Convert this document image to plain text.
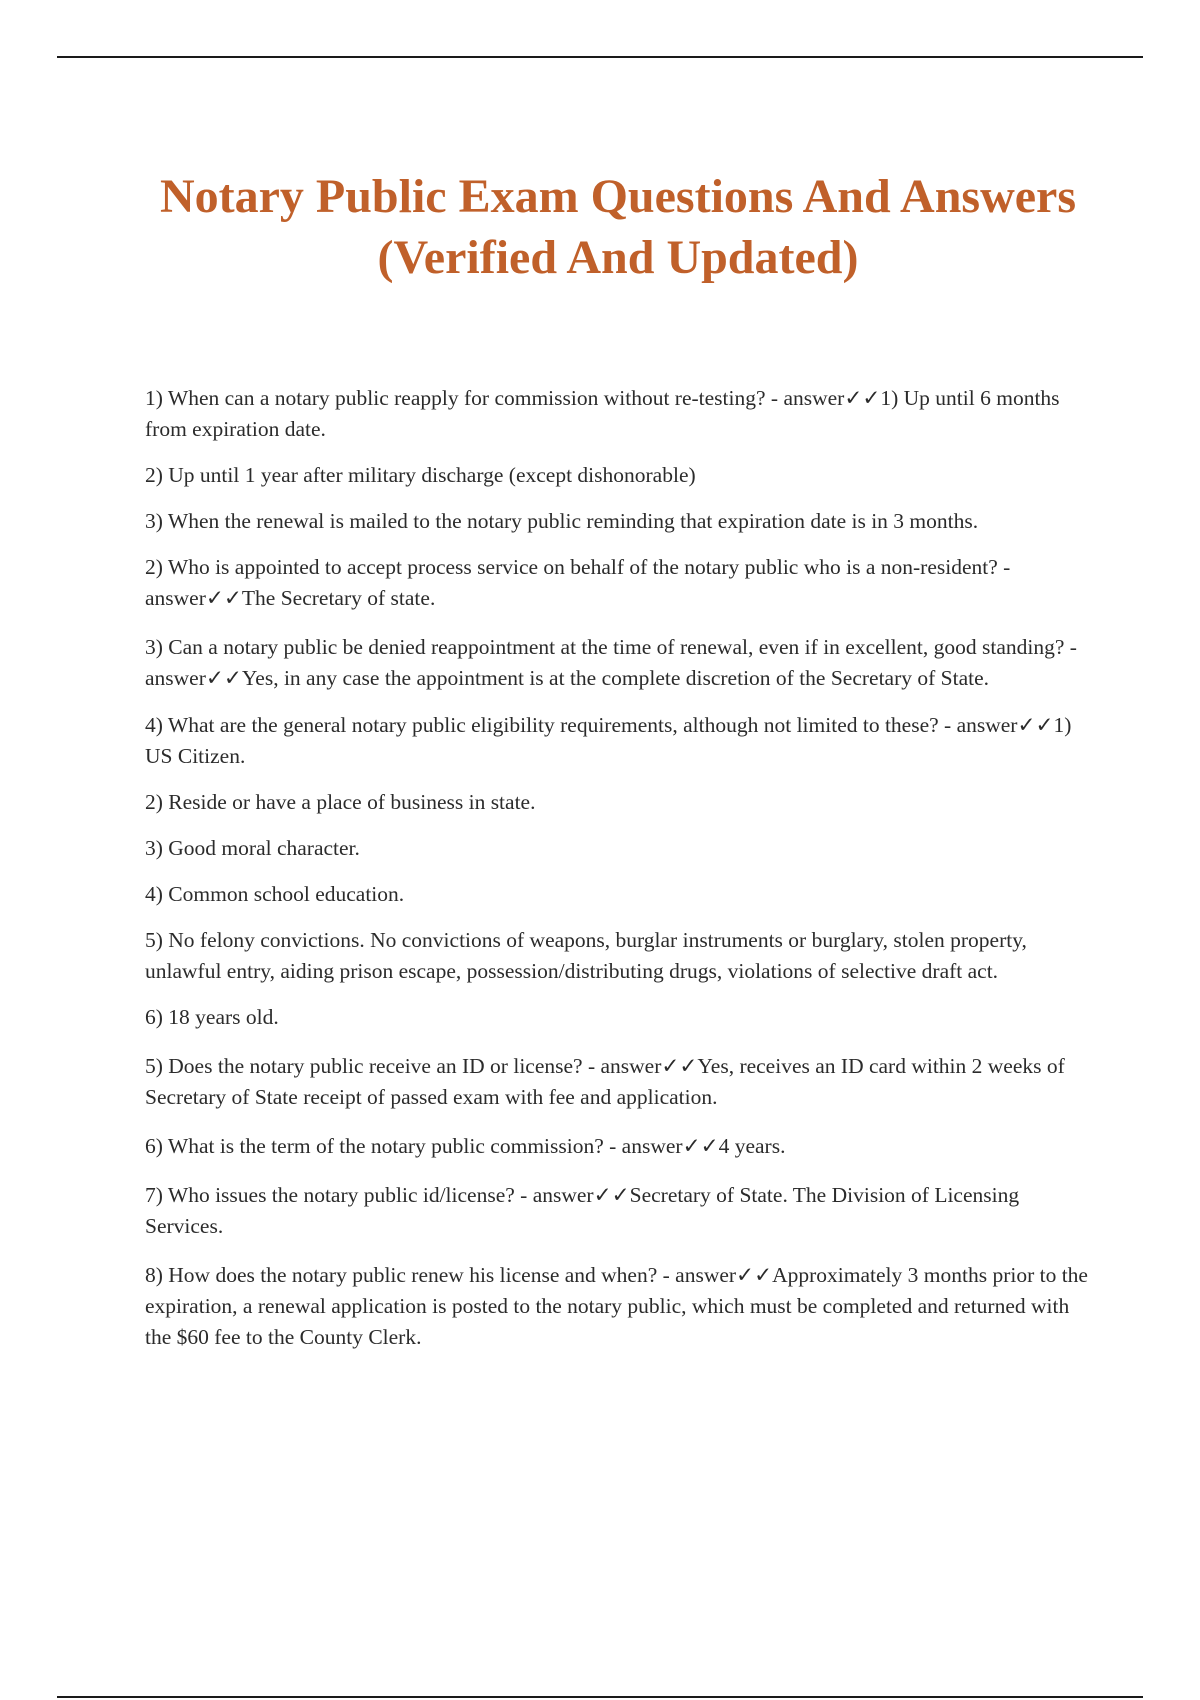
Notary Public Exam Questions And Answers (Verified And Updated)

1) When can a notary public reapply for commission without re-testing? - answer✓✓1) Up until 6 months from expiration date.

2) Up until 1 year after military discharge (except dishonorable)

3) When the renewal is mailed to the notary public reminding that expiration date is in 3 months.

2) Who is appointed to accept process service on behalf of the notary public who is a non-resident? - answer✓✓The Secretary of state.

3) Can a notary public be denied reappointment at the time of renewal, even if in excellent, good standing? - answer✓✓Yes, in any case the appointment is at the complete discretion of the Secretary of State.

4) What are the general notary public eligibility requirements, although not limited to these? - answer✓✓1) US Citizen.

2) Reside or have a place of business in state.

3) Good moral character.

4) Common school education.

5) No felony convictions. No convictions of weapons, burglar instruments or burglary, stolen property, unlawful entry, aiding prison escape, possession/distributing drugs, violations of selective draft act.

6) 18 years old.

5) Does the notary public receive an ID or license? - answer✓✓Yes, receives an ID card within 2 weeks of Secretary of State receipt of passed exam with fee and application.

6) What is the term of the notary public commission? - answer✓✓4 years.

7) Who issues the notary public id/license? - answer✓✓Secretary of State. The Division of Licensing Services.

8) How does the notary public renew his license and when? - answer✓✓Approximately 3 months prior to the expiration, a renewal application is posted to the notary public, which must be completed and returned with the $60 fee to the County Clerk.
